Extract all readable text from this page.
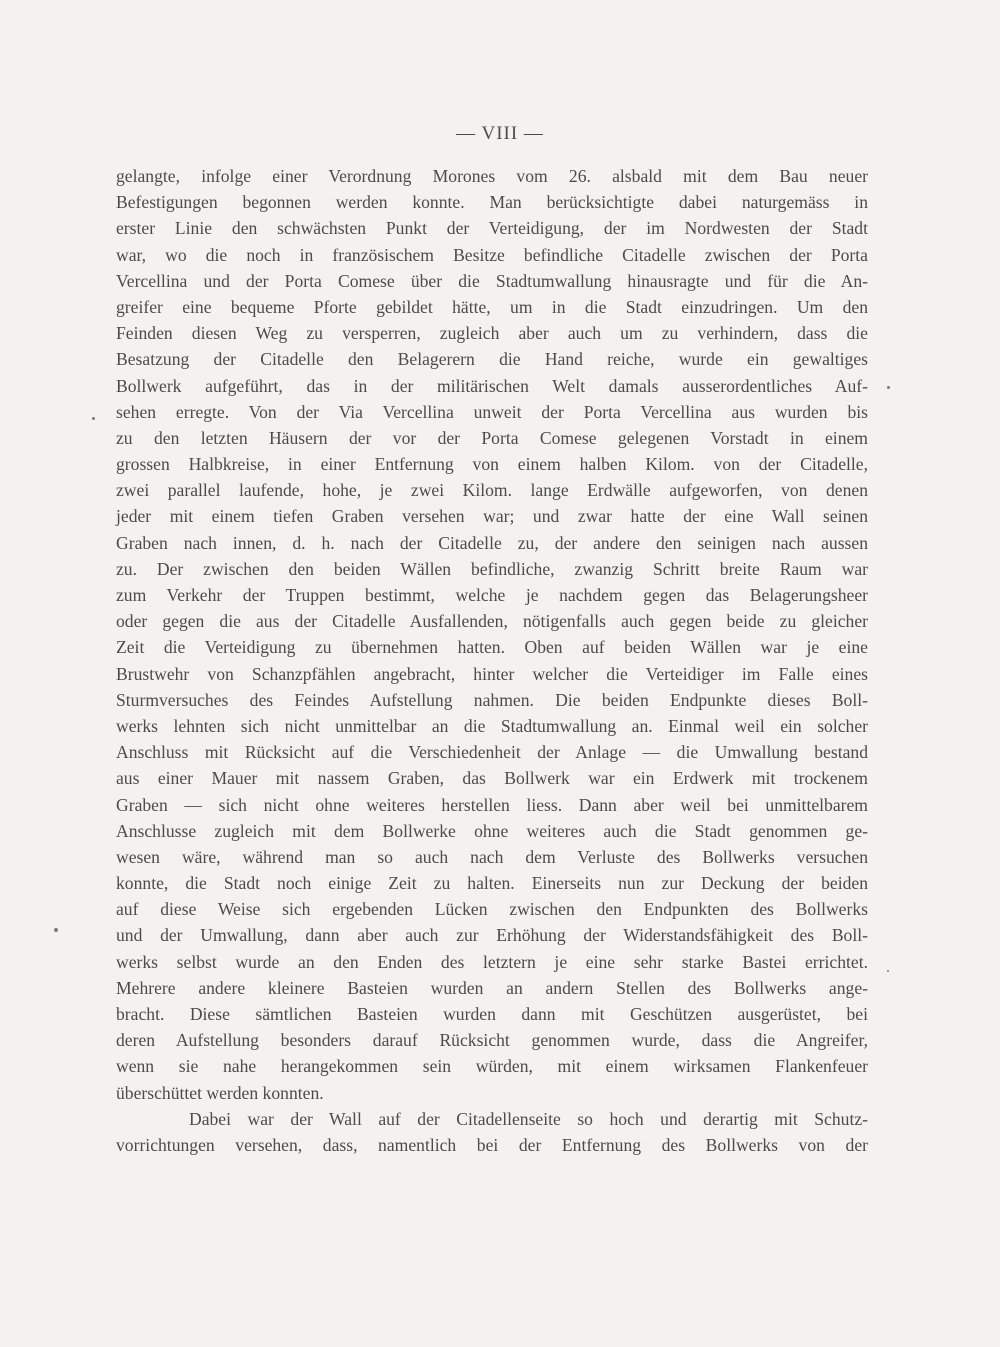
— VIII —
gelangte, infolge einer Verordnung Morones vom 26. alsbald mit dem Bau neuer
Befestigungen begonnen werden konnte. Man berücksichtigte dabei naturgemäss in
erster Linie den schwächsten Punkt der Verteidigung, der im Nordwesten der Stadt
war, wo die noch in französischem Besitze befindliche Citadelle zwischen der Porta
Vercellina und der Porta Comese über die Stadtumwallung hinausragte und für die An-
greifer eine bequeme Pforte gebildet hätte, um in die Stadt einzudringen. Um den
Feinden diesen Weg zu versperren, zugleich aber auch um zu verhindern, dass die
Besatzung der Citadelle den Belagerern die Hand reiche, wurde ein gewaltiges
Bollwerk aufgeführt, das in der militärischen Welt damals ausserordentliches Auf-
sehen erregte. Von der Via Vercellina unweit der Porta Vercellina aus wurden bis
zu den letzten Häusern der vor der Porta Comese gelegenen Vorstadt in einem
grossen Halbkreise, in einer Entfernung von einem halben Kilom. von der Citadelle,
zwei parallel laufende, hohe, je zwei Kilom. lange Erdwälle aufgeworfen, von denen
jeder mit einem tiefen Graben versehen war; und zwar hatte der eine Wall seinen
Graben nach innen, d. h. nach der Citadelle zu, der andere den seinigen nach aussen
zu. Der zwischen den beiden Wällen befindliche, zwanzig Schritt breite Raum war
zum Verkehr der Truppen bestimmt, welche je nachdem gegen das Belagerungsheer
oder gegen die aus der Citadelle Ausfallenden, nötigenfalls auch gegen beide zu gleicher
Zeit die Verteidigung zu übernehmen hatten. Oben auf beiden Wällen war je eine
Brustwehr von Schanzpfählen angebracht, hinter welcher die Verteidiger im Falle eines
Sturmversuches des Feindes Aufstellung nahmen. Die beiden Endpunkte dieses Boll-
werks lehnten sich nicht unmittelbar an die Stadtumwallung an. Einmal weil ein solcher
Anschluss mit Rücksicht auf die Verschiedenheit der Anlage — die Umwallung bestand
aus einer Mauer mit nassem Graben, das Bollwerk war ein Erdwerk mit trockenem
Graben — sich nicht ohne weiteres herstellen liess. Dann aber weil bei unmittelbarem
Anschlusse zugleich mit dem Bollwerke ohne weiteres auch die Stadt genommen ge-
wesen wäre, während man so auch nach dem Verluste des Bollwerks versuchen
konnte, die Stadt noch einige Zeit zu halten. Einerseits nun zur Deckung der beiden
auf diese Weise sich ergebenden Lücken zwischen den Endpunkten des Bollwerks
und der Umwallung, dann aber auch zur Erhöhung der Widerstandsfähigkeit des Boll-
werks selbst wurde an den Enden des letztern je eine sehr starke Bastei errichtet.
Mehrere andere kleinere Basteien wurden an andern Stellen des Bollwerks ange-
bracht. Diese sämtlichen Basteien wurden dann mit Geschützen ausgerüstet, bei
deren Aufstellung besonders darauf Rücksicht genommen wurde, dass die Angreifer,
wenn sie nahe herangekommen sein würden, mit einem wirksamen Flankenfeuer
überschüttet werden konnten.
Dabei war der Wall auf der Citadellenseite so hoch und derartig mit Schutz-
vorrichtungen versehen, dass, namentlich bei der Entfernung des Bollwerks von der
